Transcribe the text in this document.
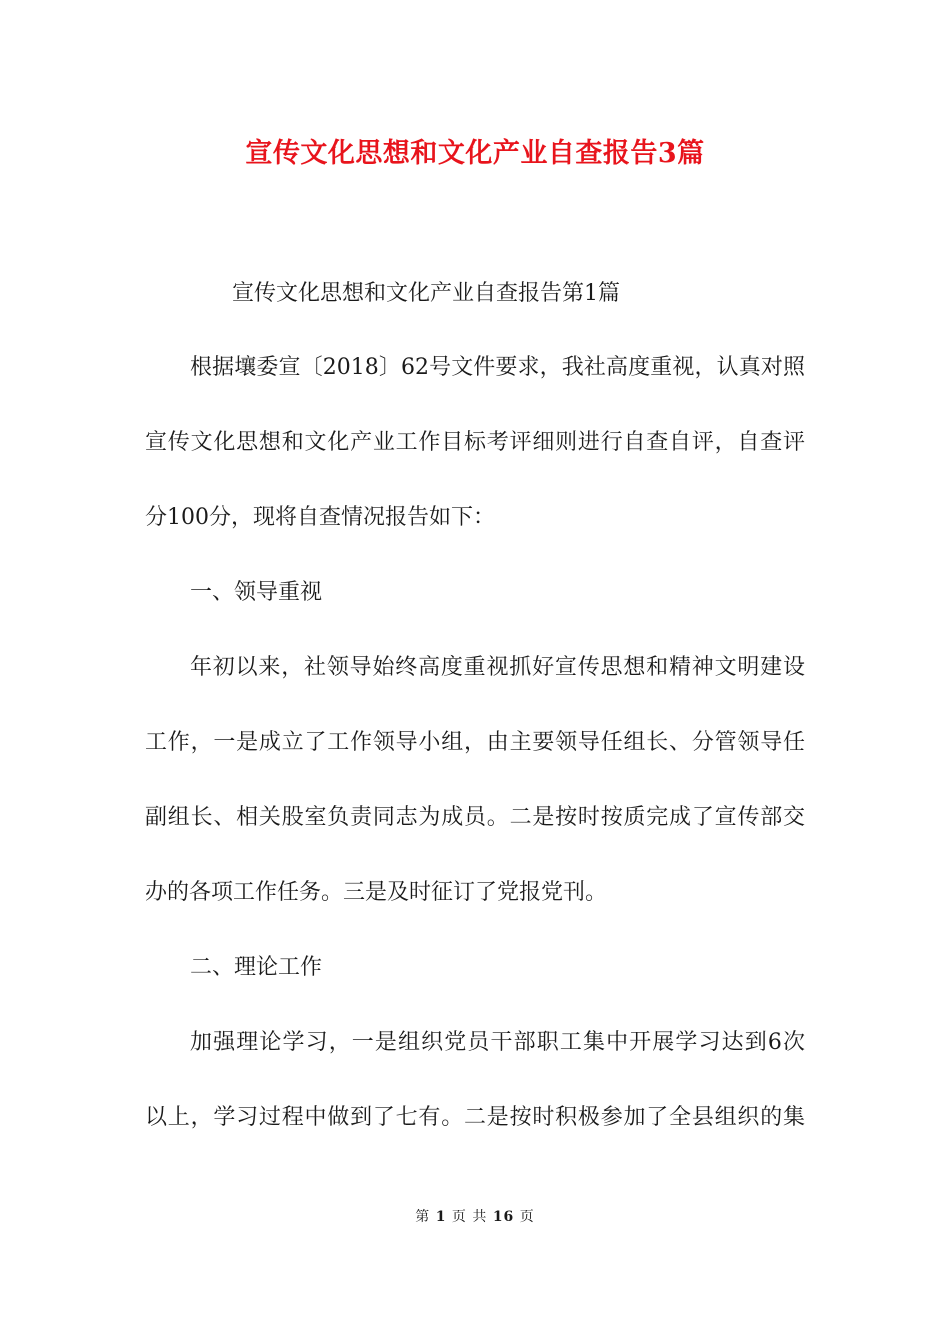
宣传文化思想和文化产业自查报告3篇
宣传文化思想和文化产业自查报告第1篇
根据壤委宣〔2018〕62号文件要求，我社高度重视，认真对照
宣传文化思想和文化产业工作目标考评细则进行自查自评，自查评
分100分，现将自查情况报告如下：
一、领导重视
年初以来，社领导始终高度重视抓好宣传思想和精神文明建设
工作，一是成立了工作领导小组，由主要领导任组长、分管领导任
副组长、相关股室负责同志为成员。二是按时按质完成了宣传部交
办的各项工作任务。三是及时征订了党报党刊。
二、理论工作
加强理论学习，一是组织党员干部职工集中开展学习达到6次
以上，学习过程中做到了七有。二是按时积极参加了全县组织的集
第 1 页 共 16 页
